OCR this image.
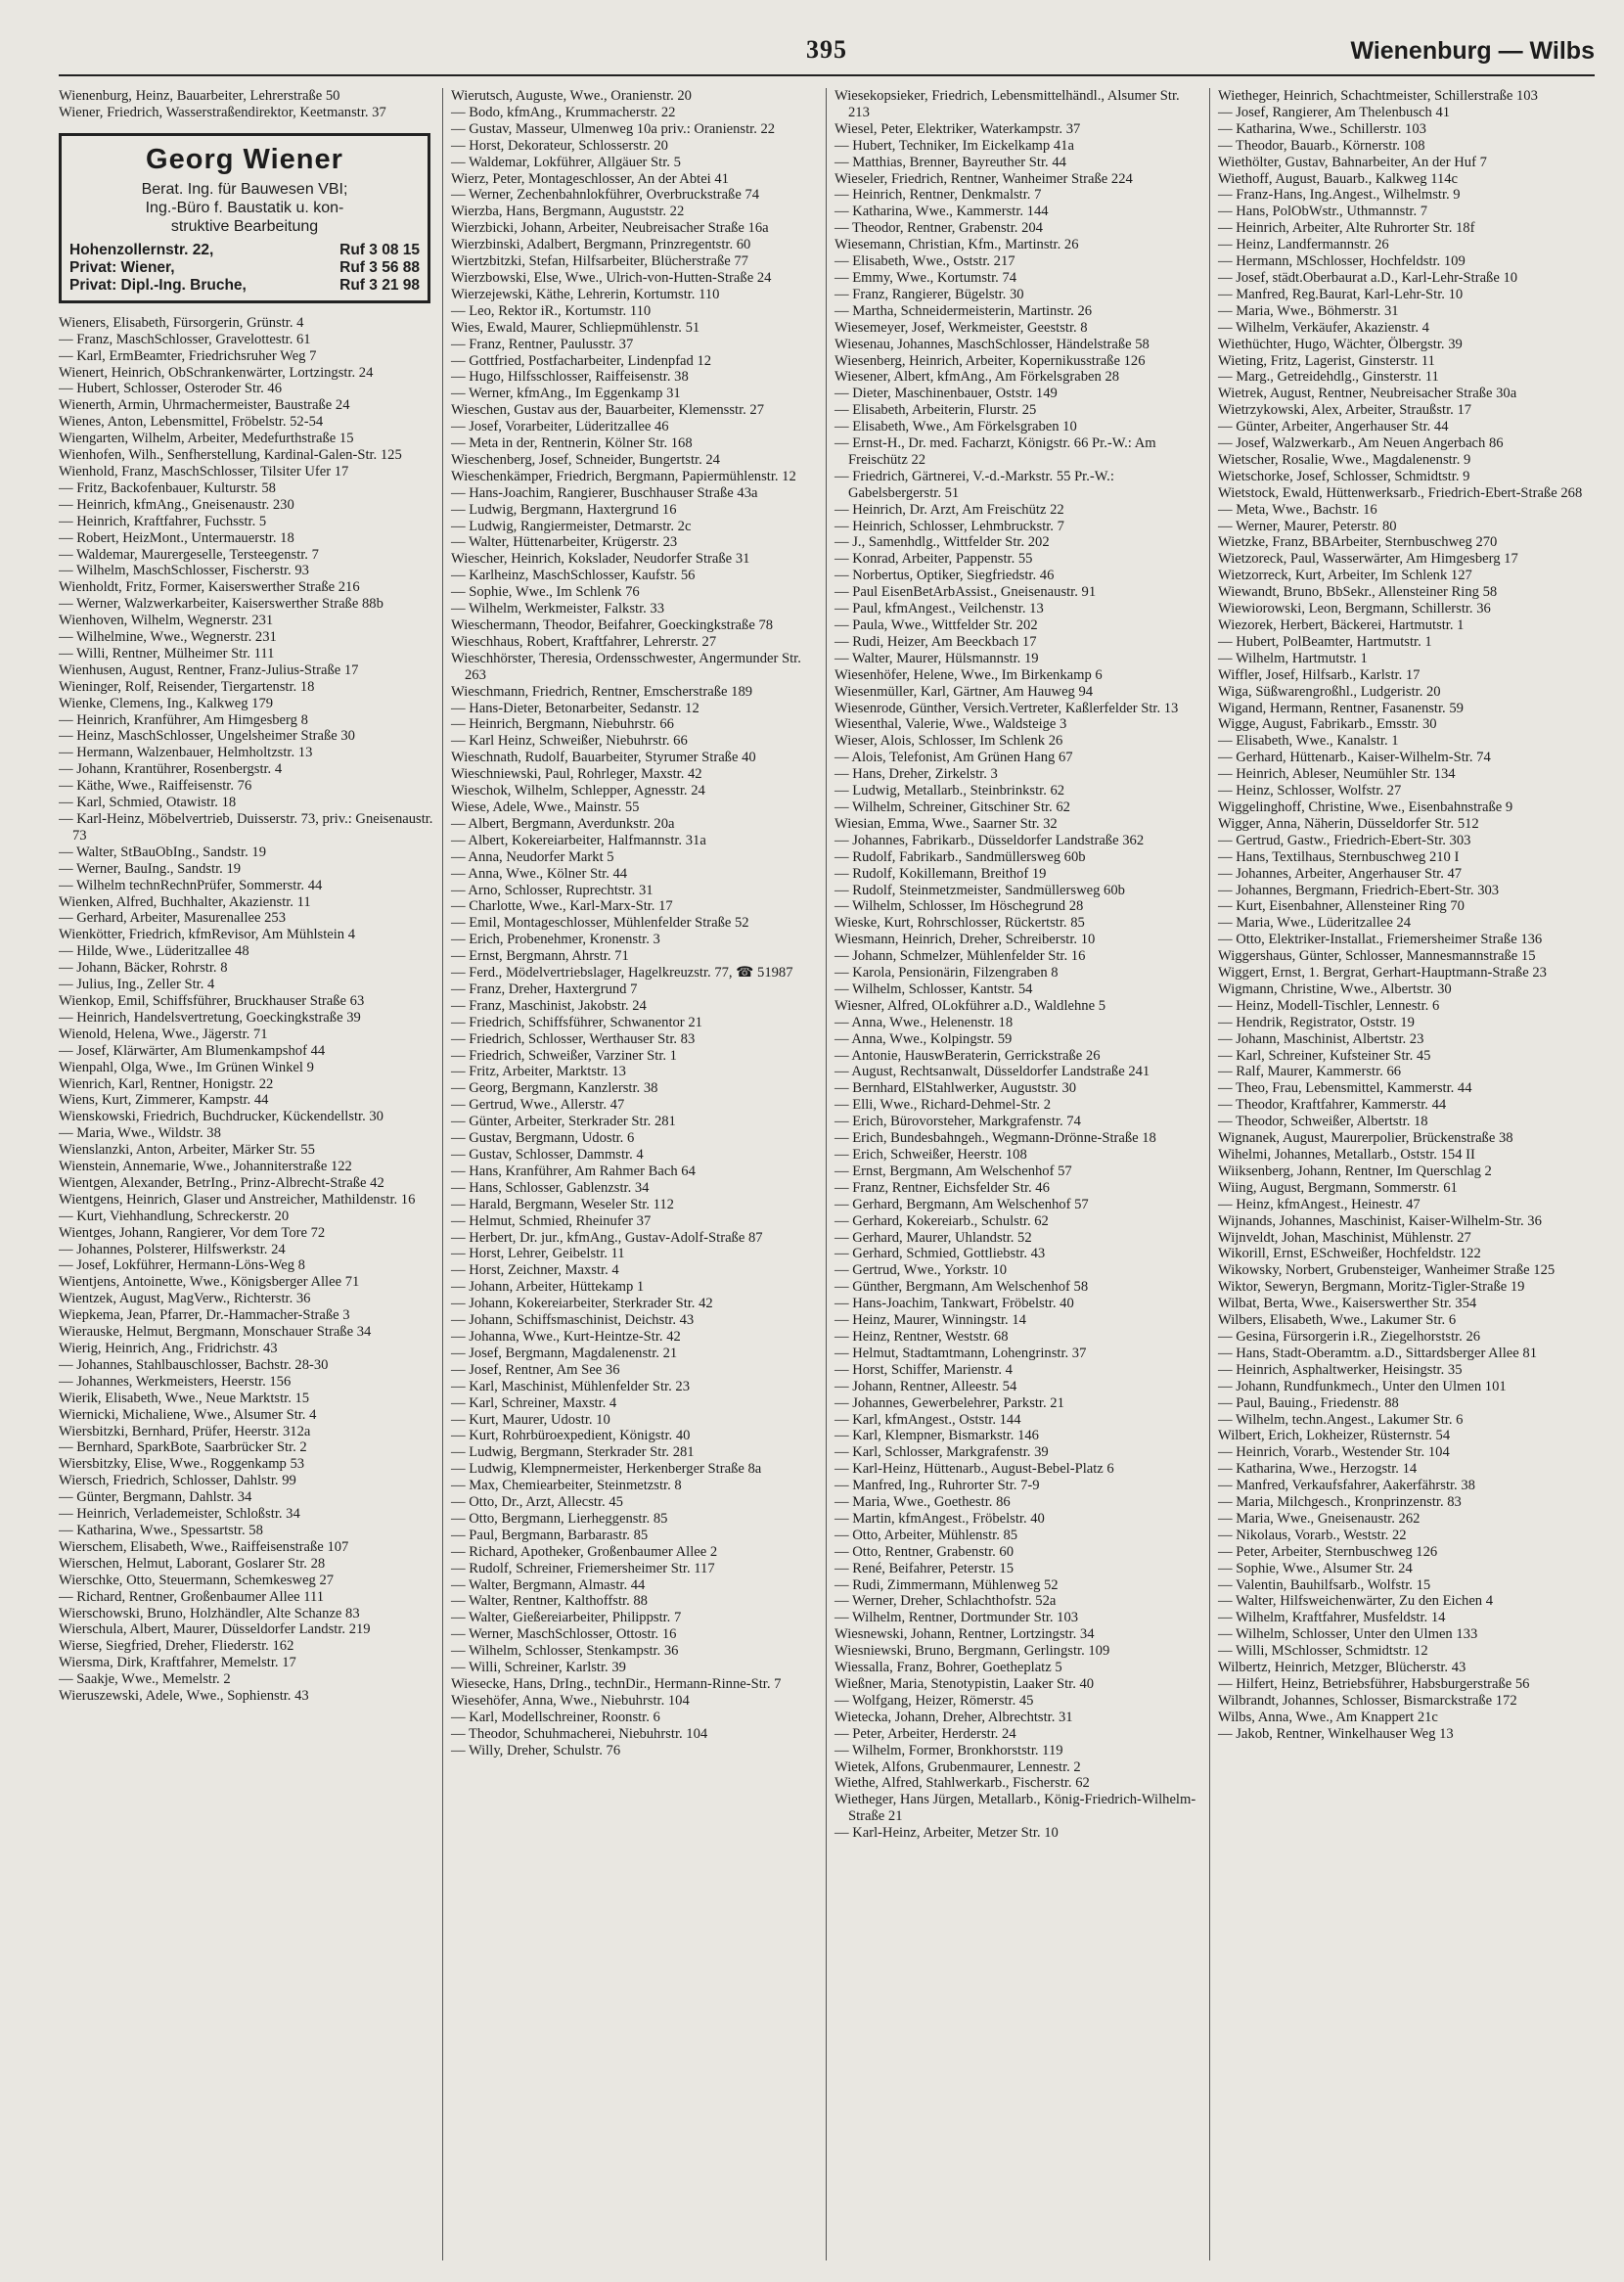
395	Wienenburg — Wilbs
Wienenburg, Heinz, Bauarbeiter, Lehrerstraße 50
Wiener, Friedrich, Wasserstraßendirektor, Keetmanstr. 37
Georg Wiener
Berat. Ing. für Bauwesen VBI;
Ing.-Büro f. Baustatik u. kon-
struktive Bearbeitung
Hohenzollernstr. 22,	Ruf 3 08 15
Privat: Wiener,	Ruf 3 56 88
Privat: Dipl.-Ing. Bruche,	Ruf 3 21 98
Wieners, Elisabeth, Fürsorgerin, Grünstr. 4
— Franz, MaschSchlosser, Gravelottestr. 61
— Karl, ErmBeamter, Friedrichsruher Weg 7
Wienert, Heinrich, ObSchrankenwärter, Lortzingstr. 24
— Hubert, Schlosser, Osteroder Str. 46
Wienerth, Armin, Uhrmachermeister, Baustraße 24
Wienes, Anton, Lebensmittel, Fröbelstr. 52-54
Wiengarten, Wilhelm, Arbeiter, Medefurthstraße 15
Wienhofen, Wilh., Senfherstellung, Kardinal-Galen-Str. 125
Wienhold, Franz, MaschSchlosser, Tilsiter Ufer 17
— Fritz, Backofenbauer, Kulturstr. 58
— Heinrich, kfmAng., Gneisenaustr. 230
— Heinrich, Kraftfahrer, Fuchsstr. 5
— Robert, HeizMont., Untermauerstr. 18
— Waldemar, Maurergeselle, Tersteegenstr. 7
— Wilhelm, MaschSchlosser, Fischerstr. 93
Wienholdt, Fritz, Former, Kaiserswerther Straße 216
— Werner, Walzwerkarbeiter, Kaiserswerther Straße 88b
Wienhoven, Wilhelm, Wegnerstr. 231
— Wilhelmine, Wwe., Wegnerstr. 231
— Willi, Rentner, Mülheimer Str. 111
Wienhusen, August, Rentner, Franz-Julius-Straße 17
Wieninger, Rolf, Reisender, Tiergartenstr. 18
Wienke, Clemens, Ing., Kalkweg 179
— Heinrich, Kranführer, Am Himgesberg 8
— Heinz, MaschSchlosser, Ungelsheimer Straße 30
— Hermann, Walzenbauer, Helmholtzstr. 13
— Johann, Krantührer, Rosenbergstr. 4
— Käthe, Wwe., Raiffeisenstr. 76
— Karl, Schmied, Otawistr. 18
— Karl-Heinz, Möbelvertrieb, Duisserstr. 73, priv.: Gneisenaustr. 73
— Walter, StBauObIng., Sandstr. 19
— Werner, BauIng., Sandstr. 19
— Wilhelm technRechnPrüfer, Sommerstr. 44
Wienken, Alfred, Buchhalter, Akazienstr. 11
— Gerhard, Arbeiter, Masurenallee 253
Wienkötter, Friedrich, kfmRevisor, Am Mühlstein 4
— Hilde, Wwe., Lüderitzallee 48
— Johann, Bäcker, Rohrstr. 8
— Julius, Ing., Zeller Str. 4
Wienkop, Emil, Schiffsführer, Bruckhauser Straße 63
— Heinrich, Handelsvertretung, Goeckingkstraße 39
Wienold, Helena, Wwe., Jägerstr. 71
— Josef, Klärwärter, Am Blumenkampshof 44
Wienpahl, Olga, Wwe., Im Grünen Winkel 9
Wienrich, Karl, Rentner, Honigstr. 22
Wiens, Kurt, Zimmerer, Kampstr. 44
Wienskowski, Friedrich, Buchdrucker, Kückendellstr. 30
— Maria, Wwe., Wildstr. 38
Wienslanzki, Anton, Arbeiter, Märker Str. 55
Wienstein, Annemarie, Wwe., Johanniterstraße 122
Wientgen, Alexander, BetrIng., Prinz-Albrecht-Straße 42
Wientgens, Heinrich, Glaser und Anstreicher, Mathildenstr. 16
— Kurt, Viehhandlung, Schreckerstr. 20
Wientges, Johann, Rangierer, Vor dem Tore 72
— Johannes, Polsterer, Hilfswerkstr. 24
— Josef, Lokführer, Hermann-Löns-Weg 8
Wientjens, Antoinette, Wwe., Königsberger Allee 71
Wientzek, August, MagVerw., Richterstr. 36
Wiepkema, Jean, Pfarrer, Dr.-Hammacher-Straße 3
Wierauske, Helmut, Bergmann, Monschauer Straße 34
Wierig, Heinrich, Ang., Fridrichstr. 43
— Johannes, Stahlbauschlosser, Bachstr. 28-30
— Johannes, Werkmeisters, Heerstr. 156
Wierik, Elisabeth, Wwe., Neue Marktstr. 15
Wiernicki, Michaliene, Wwe., Alsumer Str. 4
Wiersbitzki, Bernhard, Prüfer, Heerstr. 312a
— Bernhard, SparkBote, Saarbrücker Str. 2
Wiersbitzky, Elise, Wwe., Roggenkamp 53
Wiersch, Friedrich, Schlosser, Dahlstr. 99
— Günter, Bergmann, Dahlstr. 34
— Heinrich, Verlademeister, Schloßstr. 34
— Katharina, Wwe., Spessartstr. 58
Wierschem, Elisabeth, Wwe., Raiffeisenstraße 107
Wierschen, Helmut, Laborant, Goslarer Str. 28
Wierschke, Otto, Steuermann, Schemkesweg 27
— Richard, Rentner, Großenbaumer Allee 111
Wierschowski, Bruno, Holzhändler, Alte Schanze 83
Wierschula, Albert, Maurer, Düsseldorfer Landstr. 219
Wierse, Siegfried, Dreher, Fliederstr. 162
Wiersma, Dirk, Kraftfahrer, Memelstr. 17
— Saakje, Wwe., Memelstr. 2
Wieruszewski, Adele, Wwe., Sophienstr. 43
Wierutsch, Auguste, Wwe., Oranienstr. 20
— Bodo, kfmAng., Krummacherstr. 22
— Gustav, Masseur, Ulmenweg 10a priv.: Oranienstr. 22
— Horst, Dekorateur, Schlosserstr. 20
— Waldemar, Lokführer, Allgäuer Str. 5
Wierz, Peter, Montageschlosser, An der Abtei 41
— Werner, Zechenbahnlokführer, Overbruckstraße 74
Wierzba, Hans, Bergmann, Auguststr. 22
Wierzbicki, Johann, Arbeiter, Neubreisacher Straße 16a
Wierzbinski, Adalbert, Bergmann, Prinzregentstr. 60
Wiertzbitzki, Stefan, Hilfsarbeiter, Blücherstraße 77
Wierzbowski, Else, Wwe., Ulrich-von-Hutten-Straße 24
Wierzejewski, Käthe, Lehrerin, Kortumstr. 110
— Leo, Rektor iR., Kortumstr. 110
Wies, Ewald, Maurer, Schliepmühlenstr. 51
— Franz, Rentner, Paulusstr. 37
— Gottfried, Postfacharbeiter, Lindenpfad 12
— Hugo, Hilfsschlosser, Raiffeisenstr. 38
— Werner, kfmAng., Im Eggenkamp 31
Wieschen, Gustav aus der, Bauarbeiter, Klemensstr. 27
— Josef, Vorarbeiter, Lüderitzallee 46
— Meta in der, Rentnerin, Kölner Str. 168
Wieschenberg, Josef, Schneider, Bungertstr. 24
Wieschenkämper, Friedrich, Bergmann, Papiermühlenstr. 12
— Hans-Joachim, Rangierer, Buschhauser Straße 43a
— Ludwig, Bergmann, Haxtergrund 16
— Ludwig, Rangiermeister, Detmarstr. 2c
— Walter, Hüttenarbeiter, Krügerstr. 23
Wiescher, Heinrich, Kokslader, Neudorfer Straße 31
— Karlheinz, MaschSchlosser, Kaufstr. 56
— Sophie, Wwe., Im Schlenk 76
— Wilhelm, Werkmeister, Falkstr. 33
Wieschermann, Theodor, Beifahrer, Goeckingkstraße 78
Wieschhaus, Robert, Kraftfahrer, Lehrerstr. 27
Wieschhörster, Theresia, Ordensschwester, Angermunder Str. 263
Wieschmann, Friedrich, Rentner, Emscherstraße 189
— Hans-Dieter, Betonarbeiter, Sedanstr. 12
— Heinrich, Bergmann, Niebuhrstr. 66
— Karl Heinz, Schweißer, Niebuhrstr. 66
Wieschnath, Rudolf, Bauarbeiter, Styrumer Straße 40
Wieschniewski, Paul, Rohrleger, Maxstr. 42
Wieschok, Wilhelm, Schlepper, Agnesstr. 24
Wiese, Adele, Wwe., Mainstr. 55
— Albert, Bergmann, Averdunkstr. 20a
— Albert, Kokereiarbeiter, Halfmannstr. 31a
— Anna, Neudorfer Markt 5
— Anna, Wwe., Kölner Str. 44
— Arno, Schlosser, Ruprechtstr. 31
— Charlotte, Wwe., Karl-Marx-Str. 17
— Emil, Montageschlosser, Mühlenfelder Straße 52
— Erich, Probenehmer, Kronenstr. 3
— Ernst, Bergmann, Ahrstr. 71
— Ferd., Mödelvertriebslager, Hagelkreuzstr. 77, ☎ 51987
— Franz, Dreher, Haxtergrund 7
— Franz, Maschinist, Jakobstr. 24
— Friedrich, Schiffsführer, Schwanentor 21
— Friedrich, Schlosser, Werthauser Str. 83
— Friedrich, Schweißer, Varziner Str. 1
— Fritz, Arbeiter, Marktstr. 13
— Georg, Bergmann, Kanzlerstr. 38
— Gertrud, Wwe., Allerstr. 47
— Günter, Arbeiter, Sterkrader Str. 281
— Gustav, Bergmann, Udostr. 6
— Gustav, Schlosser, Dammstr. 4
— Hans, Kranführer, Am Rahmer Bach 64
— Hans, Schlosser, Gablenzstr. 34
— Harald, Bergmann, Weseler Str. 112
— Helmut, Schmied, Rheinufer 37
— Herbert, Dr. jur., kfmAng., Gustav-Adolf-Straße 87
— Horst, Lehrer, Geibelstr. 11
— Horst, Zeichner, Maxstr. 4
— Johann, Arbeiter, Hüttekamp 1
— Johann, Kokereiarbeiter, Sterkrader Str. 42
— Johann, Schiffsmaschinist, Deichstr. 43
— Johanna, Wwe., Kurt-Heintze-Str. 42
— Josef, Bergmann, Magdalenenstr. 21
— Josef, Rentner, Am See 36
— Karl, Maschinist, Mühlenfelder Str. 23
— Karl, Schreiner, Maxstr. 4
— Kurt, Maurer, Udostr. 10
— Kurt, Rohrbüroexpedient, Königstr. 40
— Ludwig, Bergmann, Sterkrader Str. 281
— Ludwig, Klempnermeister, Herkenberger Straße 8a
— Max, Chemiearbeiter, Steinmetzstr. 8
— Otto, Dr., Arzt, Allecstr. 45
— Otto, Bergmann, Lierheggenstr. 85
— Paul, Bergmann, Barbarastr. 85
— Richard, Apotheker, Großenbaumer Allee 2
— Rudolf, Schreiner, Friemersheimer Str. 117
— Walter, Bergmann, Almastr. 44
— Walter, Rentner, Kalthoffstr. 88
— Walter, Gießereiarbeiter, Philippstr. 7
— Werner, MaschSchlosser, Ottostr. 16
— Wilhelm, Schlosser, Stenkampstr. 36
— Willi, Schreiner, Karlstr. 39
Wiesecke, Hans, DrIng., technDir., Hermann-Rinne-Str. 7
Wiesehöfer, Anna, Wwe., Niebuhrstr. 104
— Karl, Modellschreiner, Roonstr. 6
— Theodor, Schuhmacherei, Niebuhrstr. 104
— Willy, Dreher, Schulstr. 76
Wiesekopsieker, Friedrich, Lebensmittelhändl., Alsumer Str. 213
Wiesel, Peter, Elektriker, Waterkampstr. 37
— Hubert, Techniker, Im Eickelkamp 41a
— Matthias, Brenner, Bayreuther Str. 44
Wieseler, Friedrich, Rentner, Wanheimer Straße 224
— Heinrich, Rentner, Denkmalstr. 7
— Katharina, Wwe., Kammerstr. 144
— Theodor, Rentner, Grabenstr. 204
Wiesemann, Christian, Kfm., Martinstr. 26
— Elisabeth, Wwe., Oststr. 217
— Emmy, Wwe., Kortumstr. 74
— Franz, Rangierer, Bügelstr. 30
— Martha, Schneidermeisterin, Martinstr. 26
Wiesemeyer, Josef, Werkmeister, Geeststr. 8
Wiesenau, Johannes, MaschSchlosser, Händelstraße 58
Wiesenberg, Heinrich, Arbeiter, Kopernikusstraße 126
Wiesener, Albert, kfmAng., Am Förkelsgraben 28
— Dieter, Maschinenbauer, Oststr. 149
— Elisabeth, Arbeiterin, Flurstr. 25
— Elisabeth, Wwe., Am Förkelsgraben 10
— Ernst-H., Dr. med. Facharzt, Königstr. 66 Pr.-W.: Am Freischütz 22
— Friedrich, Gärtnerei, V.-d.-Markstr. 55 Pr.-W.: Gabelsbergerstr. 51
— Heinrich, Dr. Arzt, Am Freischütz 22
— Heinrich, Schlosser, Lehmbruckstr. 7
— J., Samenhdlg., Wittfelder Str. 202
— Konrad, Arbeiter, Pappenstr. 55
— Norbertus, Optiker, Siegfriedstr. 46
— Paul EisenBetArbAssist., Gneisenaustr. 91
— Paul, kfmAngest., Veilchenstr. 13
— Paula, Wwe., Wittfelder Str. 202
— Rudi, Heizer, Am Beeckbach 17
— Walter, Maurer, Hülsmannstr. 19
Wiesenhöfer, Helene, Wwe., Im Birkenkamp 6
Wiesenmüller, Karl, Gärtner, Am Hauweg 94
Wiesenrode, Günther, Versich.Vertreter, Kaßlerfelder Str. 13
Wiesenthal, Valerie, Wwe., Waldsteige 3
Wieser, Alois, Schlosser, Im Schlenk 26
— Alois, Telefonist, Am Grünen Hang 67
— Hans, Dreher, Zirkelstr. 3
— Ludwig, Metallarb., Steinbrinkstr. 62
— Wilhelm, Schreiner, Gitschiner Str. 62
Wiesian, Emma, Wwe., Saarner Str. 32
— Johannes, Fabrikarb., Düsseldorfer Landstraße 362
— Rudolf, Fabrikarb., Sandmüllersweg 60b
— Rudolf, Kokillemann, Breithof 19
— Rudolf, Steinmetzmeister, Sandmüllersweg 60b
— Wilhelm, Schlosser, Im Höschegrund 28
Wieske, Kurt, Rohrschlosser, Rückertstr. 85
Wiesmann, Heinrich, Dreher, Schreiberstr. 10
— Johann, Schmelzer, Mühlenfelder Str. 16
— Karola, Pensionärin, Filzengraben 8
— Wilhelm, Schlosser, Kantstr. 54
Wiesner, Alfred, OLokführer a.D., Waldlehne 5
— Anna, Wwe., Helenenstr. 18
— Anna, Wwe., Kolpingstr. 59
— Antonie, HauswBeraterin, Gerrickstraße 26
— August, Rechtsanwalt, Düsseldorfer Landstraße 241
— Bernhard, ElStahlwerker, Auguststr. 30
— Elli, Wwe., Richard-Dehmel-Str. 2
— Erich, Bürovorsteher, Markgrafenstr. 74
— Erich, Bundesbahngeh., Wegmann-Drönne-Straße 18
— Erich, Schweißer, Heerstr. 108
— Ernst, Bergmann, Am Welschenhof 57
— Franz, Rentner, Eichsfelder Str. 46
— Gerhard, Bergmann, Am Welschenhof 57
— Gerhard, Kokereiarb., Schulstr. 62
— Gerhard, Maurer, Uhlandstr. 52
— Gerhard, Schmied, Gottliebstr. 43
— Gertrud, Wwe., Yorkstr. 10
— Günther, Bergmann, Am Welschenhof 58
— Hans-Joachim, Tankwart, Fröbelstr. 40
— Heinz, Maurer, Winningstr. 14
— Heinz, Rentner, Weststr. 68
— Helmut, Stadtamtmann, Lohengrinstr. 37
— Horst, Schiffer, Marienstr. 4
— Johann, Rentner, Alleestr. 54
— Johannes, Gewerbelehrer, Parkstr. 21
— Karl, kfmAngest., Oststr. 144
— Karl, Klempner, Bismarkstr. 146
— Karl, Schlosser, Markgrafenstr. 39
— Karl-Heinz, Hüttenarb., August-Bebel-Platz 6
— Manfred, Ing., Ruhrorter Str. 7-9
— Maria, Wwe., Goethestr. 86
— Martin, kfmAngest., Fröbelstr. 40
— Otto, Arbeiter, Mühlenstr. 85
— Otto, Rentner, Grabenstr. 60
— René, Beifahrer, Peterstr. 15
— Rudi, Zimmermann, Mühlenweg 52
— Werner, Dreher, Schlachthofstr. 52a
— Wilhelm, Rentner, Dortmunder Str. 103
Wiesnewski, Johann, Rentner, Lortzingstr. 34
Wiesniewski, Bruno, Bergmann, Gerlingstr. 109
Wiessalla, Franz, Bohrer, Goetheplatz 5
Wießner, Maria, Stenotypistin, Laaker Str. 40
— Wolfgang, Heizer, Römerstr. 45
Wietecka, Johann, Dreher, Albrechtstr. 31
— Peter, Arbeiter, Herderstr. 24
— Wilhelm, Former, Bronkhorststr. 119
Wietek, Alfons, Grubenmaurer, Lennestr. 2
Wiethe, Alfred, Stahlwerkarb., Fischerstr. 62
Wietheger, Hans Jürgen, Metallarb., König-Friedrich-Wilhelm-Straße 21
— Karl-Heinz, Arbeiter, Metzer Str. 10
Wietheger, Heinrich, Schachtmeister, Schillerstraße 103
— Josef, Rangierer, Am Thelenbusch 41
— Katharina, Wwe., Schillerstr. 103
— Theodor, Bauarb., Körnerstr. 108
Wiethölter, Gustav, Bahnarbeiter, An der Huf 7
Wiethoff, August, Bauarb., Kalkweg 114c
— Franz-Hans, Ing.Angest., Wilhelmstr. 9
— Hans, PolObWstr., Uthmannstr. 7
— Heinrich, Arbeiter, Alte Ruhrorter Str. 18f
— Heinz, Landfermannstr. 26
— Hermann, MSchlosser, Hochfeldstr. 109
— Josef, städt.Oberbaurat a.D., Karl-Lehr-Straße 10
— Manfred, Reg.Baurat, Karl-Lehr-Str. 10
— Maria, Wwe., Böhmerstr. 31
— Wilhelm, Verkäufer, Akazienstr. 4
Wiethüchter, Hugo, Wächter, Ölbergstr. 39
Wieting, Fritz, Lagerist, Ginsterstr. 11
— Marg., Getreidehdlg., Ginsterstr. 11
Wietrek, August, Rentner, Neubreisacher Straße 30a
Wietrzykowski, Alex, Arbeiter, Straußstr. 17
— Günter, Arbeiter, Angerhauser Str. 44
— Josef, Walzwerkarb., Am Neuen Angerbach 86
Wietscher, Rosalie, Wwe., Magdalenenstr. 9
Wietschorke, Josef, Schlosser, Schmidtstr. 9
Wietstock, Ewald, Hüttenwerksarb., Friedrich-Ebert-Straße 268
— Meta, Wwe., Bachstr. 16
— Werner, Maurer, Peterstr. 80
Wietzke, Franz, BBArbeiter, Sternbuschweg 270
Wietzoreck, Paul, Wasserwärter, Am Himgesberg 17
Wietzorreck, Kurt, Arbeiter, Im Schlenk 127
Wiewandt, Bruno, BbSekr., Allensteiner Ring 58
Wiewiorowski, Leon, Bergmann, Schillerstr. 36
Wiezorek, Herbert, Bäckerei, Hartmutstr. 1
— Hubert, PolBeamter, Hartmutstr. 1
— Wilhelm, Hartmutstr. 1
Wiffler, Josef, Hilfsarb., Karlstr. 17
Wiga, Süßwarengroßhl., Ludgeristr. 20
Wigand, Hermann, Rentner, Fasanenstr. 59
Wigge, August, Fabrikarb., Emsstr. 30
— Elisabeth, Wwe., Kanalstr. 1
— Gerhard, Hüttenarb., Kaiser-Wilhelm-Str. 74
— Heinrich, Ableser, Neumühler Str. 134
— Heinz, Schlosser, Wolfstr. 27
Wiggelinghoff, Christine, Wwe., Eisenbahnstraße 9
Wigger, Anna, Näherin, Düsseldorfer Str. 512
— Gertrud, Gastw., Friedrich-Ebert-Str. 303
— Hans, Textilhaus, Sternbuschweg 210 I
— Johannes, Arbeiter, Angerhauser Str. 47
— Johannes, Bergmann, Friedrich-Ebert-Str. 303
— Kurt, Eisenbahner, Allensteiner Ring 70
— Maria, Wwe., Lüderitzallee 24
— Otto, Elektriker-Installat., Friemersheimer Straße 136
Wiggershaus, Günter, Schlosser, Mannesmannstraße 15
Wiggert, Ernst, 1. Bergrat, Gerhart-Hauptmann-Straße 23
Wigmann, Christine, Wwe., Albertstr. 30
— Heinz, Modell-Tischler, Lennestr. 6
— Hendrik, Registrator, Oststr. 19
— Johann, Maschinist, Albertstr. 23
— Karl, Schreiner, Kufsteiner Str. 45
— Ralf, Maurer, Kammerstr. 66
— Theo, Frau, Lebensmittel, Kammerstr. 44
— Theodor, Kraftfahrer, Kammerstr. 44
— Theodor, Schweißer, Albertstr. 18
Wignanek, August, Maurerpolier, Brückenstraße 38
Wihelmi, Johannes, Metallarb., Oststr. 154 II
Wiiksenberg, Johann, Rentner, Im Querschlag 2
Wiing, August, Bergmann, Sommerstr. 61
— Heinz, kfmAngest., Heinestr. 47
Wijnands, Johannes, Maschinist, Kaiser-Wilhelm-Str. 36
Wijnveldt, Johan, Maschinist, Mühlenstr. 27
Wikorill, Ernst, ESchweißer, Hochfeldstr. 122
Wikowsky, Norbert, Grubensteiger, Wanheimer Straße 125
Wiktor, Seweryn, Bergmann, Moritz-Tigler-Straße 19
Wilbat, Berta, Wwe., Kaiserswerther Str. 354
Wilbers, Elisabeth, Wwe., Lakumer Str. 6
— Gesina, Fürsorgerin i.R., Ziegelhorststr. 26
— Hans, Stadt-Oberamtm. a.D., Sittardsberger Allee 81
— Heinrich, Asphaltwerker, Heisingstr. 35
— Johann, Rundfunkmech., Unter den Ulmen 101
— Paul, Bauing., Friedenstr. 88
— Wilhelm, techn.Angest., Lakumer Str. 6
Wilbert, Erich, Lokheizer, Rüsternstr. 54
— Heinrich, Vorarb., Westender Str. 104
— Katharina, Wwe., Herzogstr. 14
— Manfred, Verkaufsfahrer, Aakerfährstr. 38
— Maria, Milchgesch., Kronprinzenstr. 83
— Maria, Wwe., Gneisenaustr. 262
— Nikolaus, Vorarb., Weststr. 22
— Peter, Arbeiter, Sternbuschweg 126
— Sophie, Wwe., Alsumer Str. 24
— Valentin, Bauhilfsarb., Wolfstr. 15
— Walter, Hilfsweichenwärter, Zu den Eichen 4
— Wilhelm, Kraftfahrer, Musfeldstr. 14
— Wilhelm, Schlosser, Unter den Ulmen 133
— Willi, MSchlosser, Schmidtstr. 12
Wilbertz, Heinrich, Metzger, Blücherstr. 43
— Hilfert, Heinz, Betriebsführer, Habsburgerstraße 56
Wilbrandt, Johannes, Schlosser, Bismarckstraße 172
Wilbs, Anna, Wwe., Am Knappert 21c
— Jakob, Rentner, Winkelhauser Weg 13
